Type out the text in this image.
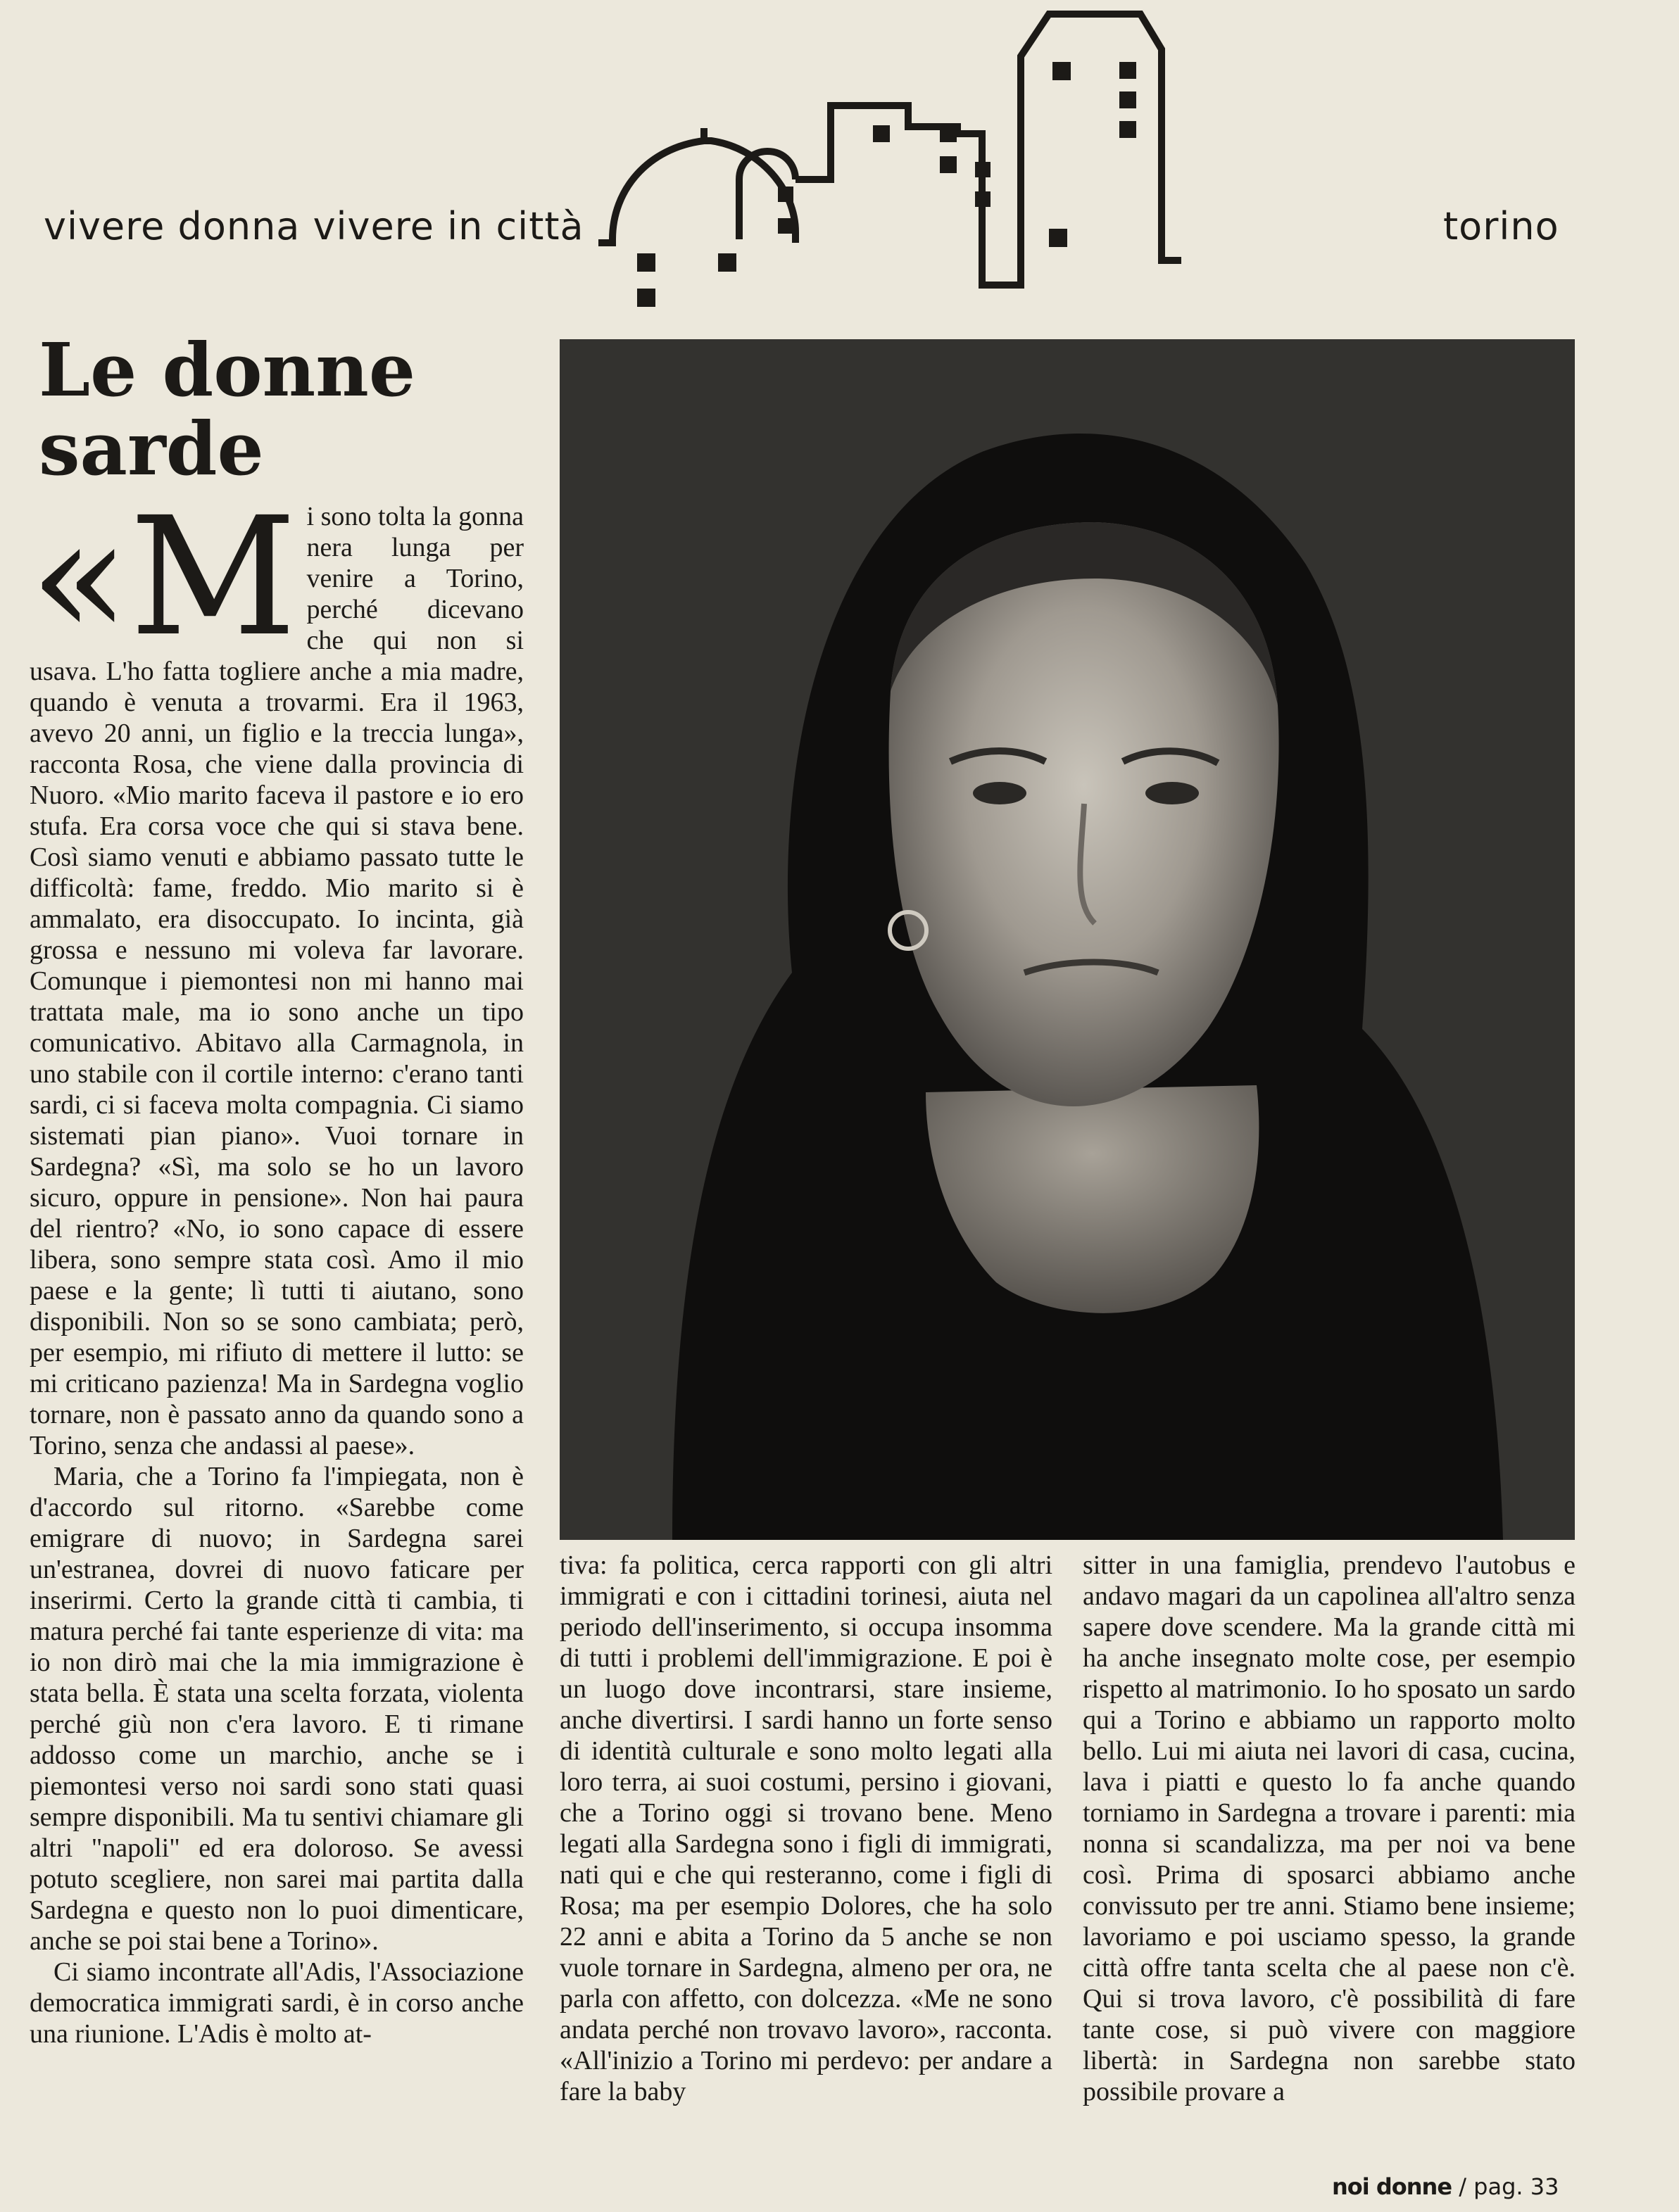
vivere donna vivere in città	torino
Le donne sarde

«Mi sono tolta la gonna nera lunga per venire a Torino, perché dicevano che qui non si usava. L'ho fatta togliere anche a mia madre, quando è venuta a trovarmi. Era il 1963, avevo 20 anni, un figlio e la treccia lunga», racconta Rosa, che viene dalla provincia di Nuoro. «Mio marito faceva il pastore e io ero stufa. Era corsa voce che qui si stava bene. Così siamo venuti e abbiamo passato tutte le difficoltà: fame, freddo. Mio marito si è ammalato, era disoccupato. Io incinta, già grossa e nessuno mi voleva far lavorare. Comunque i piemontesi non mi hanno mai trattata male, ma io sono anche un tipo comunicativo. Abitavo alla Carmagnola, in uno stabile con il cortile interno: c'erano tanti sardi, ci si faceva molta compagnia. Ci siamo sistemati pian piano». Vuoi tornare in Sardegna? «Sì, ma solo se ho un lavoro sicuro, oppure in pensione». Non hai paura del rientro? «No, io sono capace di essere libera, sono sempre stata così. Amo il mio paese e la gente; lì tutti ti aiutano, sono disponibili. Non so se sono cambiata; però, per esempio, mi rifiuto di mettere il lutto: se mi criticano pazienza! Ma in Sardegna voglio tornare, non è passato anno da quando sono a Torino, senza che andassi al paese».

Maria, che a Torino fa l'impiegata, non è d'accordo sul ritorno. «Sarebbe come emigrare di nuovo; in Sardegna sarei un'estranea, dovrei di nuovo faticare per inserirmi. Certo la grande città ti cambia, ti matura perché fai tante esperienze di vita: ma io non dirò mai che la mia immigrazione è stata bella. È stata una scelta forzata, violenta perché giù non c'era lavoro. E ti rimane addosso come un marchio, anche se i piemontesi verso noi sardi sono stati quasi sempre disponibili. Ma tu sentivi chiamare gli altri "napoli" ed era doloroso. Se avessi potuto scegliere, non sarei mai partita dalla Sardegna e questo non lo puoi dimenticare, anche se poi stai bene a Torino».

Ci siamo incontrate all'Adis, l'Associazione democratica immigrati sardi, è in corso anche una riunione. L'Adis è molto at-

tiva: fa politica, cerca rapporti con gli altri immigrati e con i cittadini torinesi, aiuta nel periodo dell'inserimento, si occupa insomma di tutti i problemi dell'immigrazione. E poi è un luogo dove incontrarsi, stare insieme, anche divertirsi. I sardi hanno un forte senso di identità culturale e sono molto legati alla loro terra, ai suoi costumi, persino i giovani, che a Torino oggi si trovano bene. Meno legati alla Sardegna sono i figli di immigrati, nati qui e che qui resteranno, come i figli di Rosa; ma per esempio Dolores, che ha solo 22 anni e abita a Torino da 5 anche se non vuole tornare in Sardegna, almeno per ora, ne parla con affetto, con dolcezza. «Me ne sono andata perché non trovavo lavoro», racconta. «All'inizio a Torino mi perdevo: per andare a fare la baby

sitter in una famiglia, prendevo l'autobus e andavo magari da un capolinea all'altro senza sapere dove scendere. Ma la grande città mi ha anche insegnato molte cose, per esempio rispetto al matrimonio. Io ho sposato un sardo qui a Torino e abbiamo un rapporto molto bello. Lui mi aiuta nei lavori di casa, cucina, lava i piatti e questo lo fa anche quando torniamo in Sardegna a trovare i parenti: mia nonna si scandalizza, ma per noi va bene così. Prima di sposarci abbiamo anche convissuto per tre anni. Stiamo bene insieme; lavoriamo e poi usciamo spesso, la grande città offre tanta scelta che al paese non c'è. Qui si trova lavoro, c'è possibilità di fare tante cose, si può vivere con maggiore libertà: in Sardegna non sarebbe stato possibile provare a

noi donne / pag. 33
